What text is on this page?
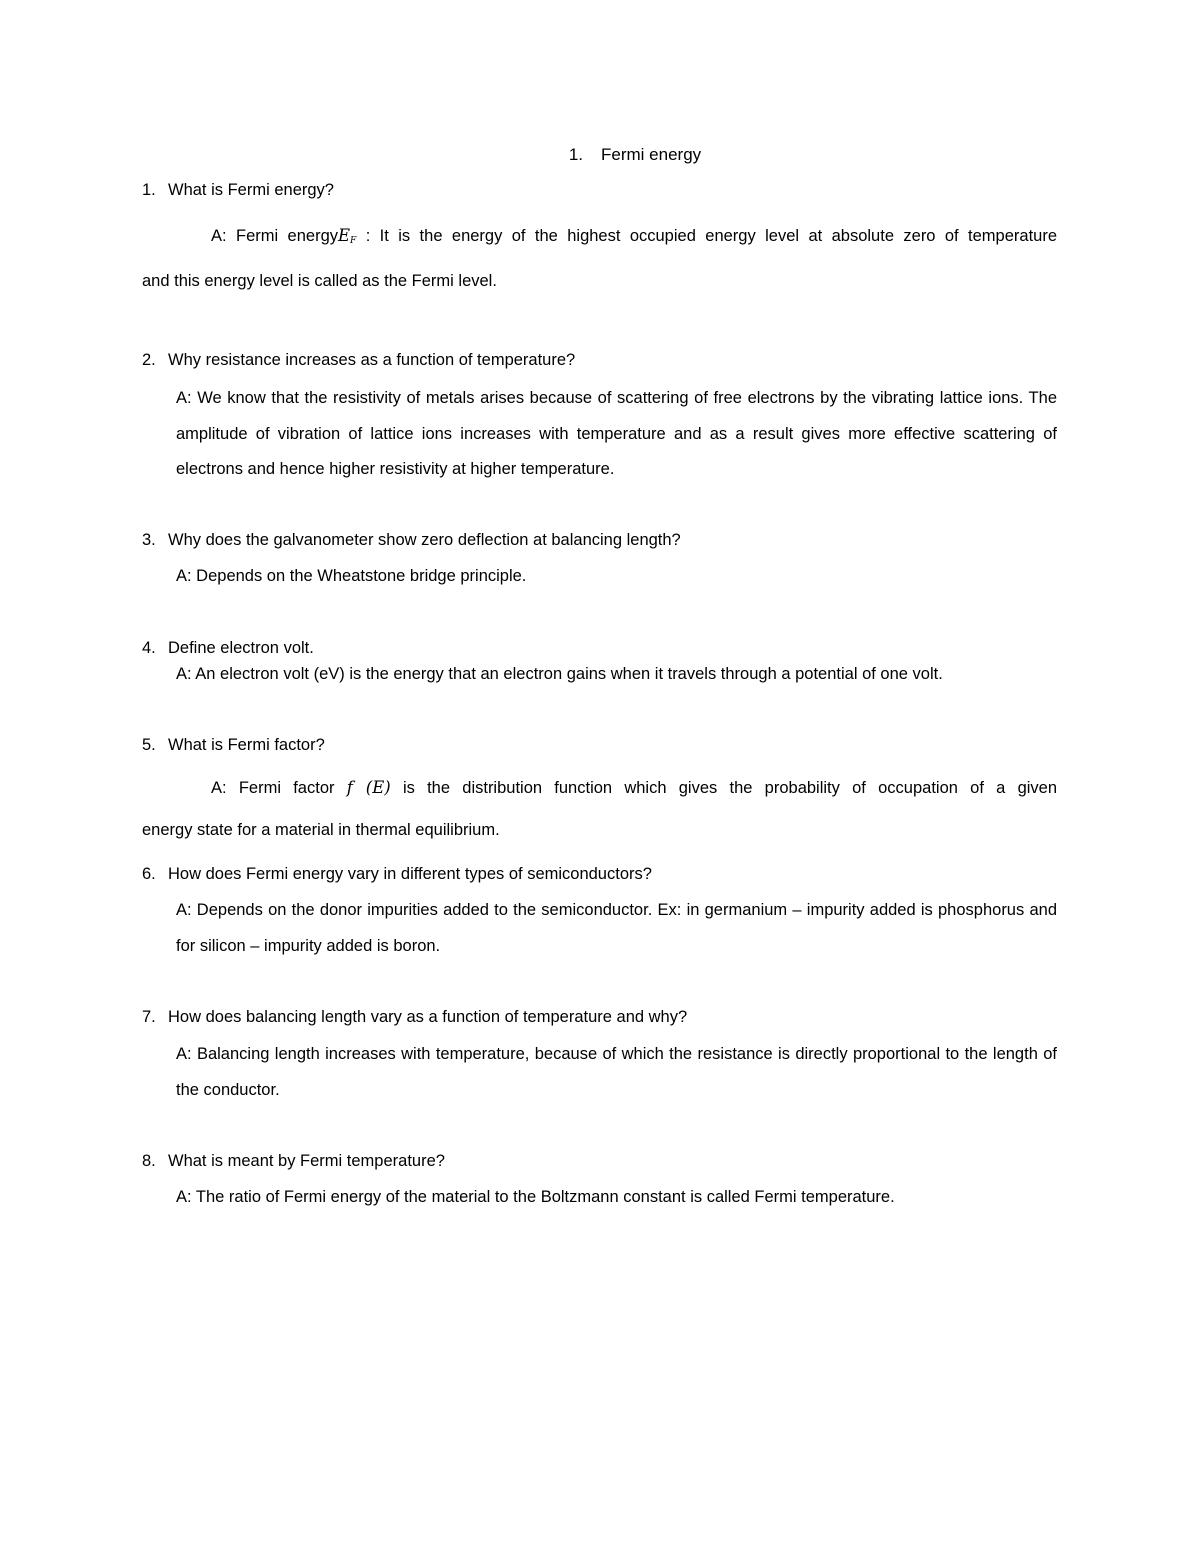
1. Fermi energy
1. What is Fermi energy?
A: Fermi energyE$_F$ : It is the energy of the highest occupied energy level at absolute zero of temperature
and this energy level is called as the Fermi level.
2. Why resistance increases as a function of temperature?
A: We know that the resistivity of metals arises because of scattering of free electrons by the vibrating lattice ions. The amplitude of vibration of lattice ions increases with temperature and as a result gives more effective scattering of electrons and hence higher resistivity at higher temperature.
3. Why does the galvanometer show zero deflection at balancing length?
A: Depends on the Wheatstone bridge principle.
4. Define electron volt.
A: An electron volt (eV) is the energy that an electron gains when it travels through a potential of one volt.
5. What is Fermi factor?
A: Fermi factor f (E) is the distribution function which gives the probability of occupation of a given
energy state for a material in thermal equilibrium.
6. How does Fermi energy vary in different types of semiconductors?
A: Depends on the donor impurities added to the semiconductor. Ex: in germanium – impurity added is phosphorus and for silicon – impurity added is boron.
7. How does balancing length vary as a function of temperature and why?
A: Balancing length increases with temperature, because of which the resistance is directly proportional to the length of the conductor.
8. What is meant by Fermi temperature?
A: The ratio of Fermi energy of the material to the Boltzmann constant is called Fermi temperature.
